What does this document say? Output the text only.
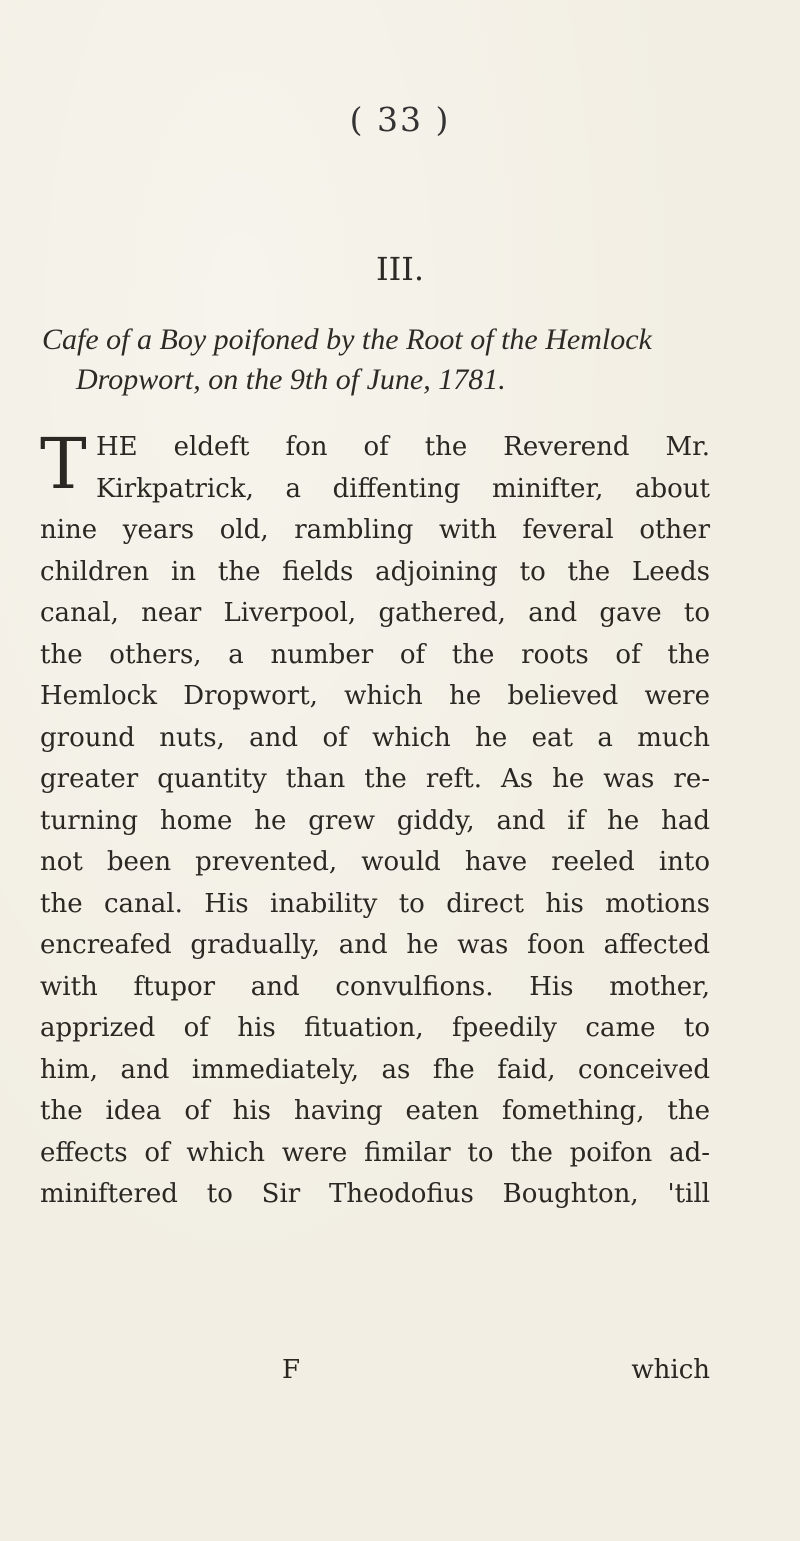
( 33 )
III.
Cafe of a Boy poifoned by the Root of the Hemlock
Dropwort, on the 9th of June, 1781.
T HE eldeft fon of the Reverend Mr.
Kirkpatrick, a diffenting minifter, about
nine years old, rambling with feveral other
children in the fields adjoining to the Leeds
canal, near Liverpool, gathered, and gave to
the others, a number of the roots of the
Hemlock Dropwort, which he believed were
ground nuts, and of which he eat a much
greater quantity than the reft. As he was re-
turning home he grew giddy, and if he had
not been prevented, would have reeled into
the canal. His inability to direct his motions
encreafed gradually, and he was foon affected
with ftupor and convulfions. His mother,
apprized of his fituation, fpeedily came to
him, and immediately, as fhe faid, conceived
the idea of his having eaten fomething, the
effects of which were fimilar to the poifon ad-
miniftered to Sir Theodofius Boughton, 'till
F	which
